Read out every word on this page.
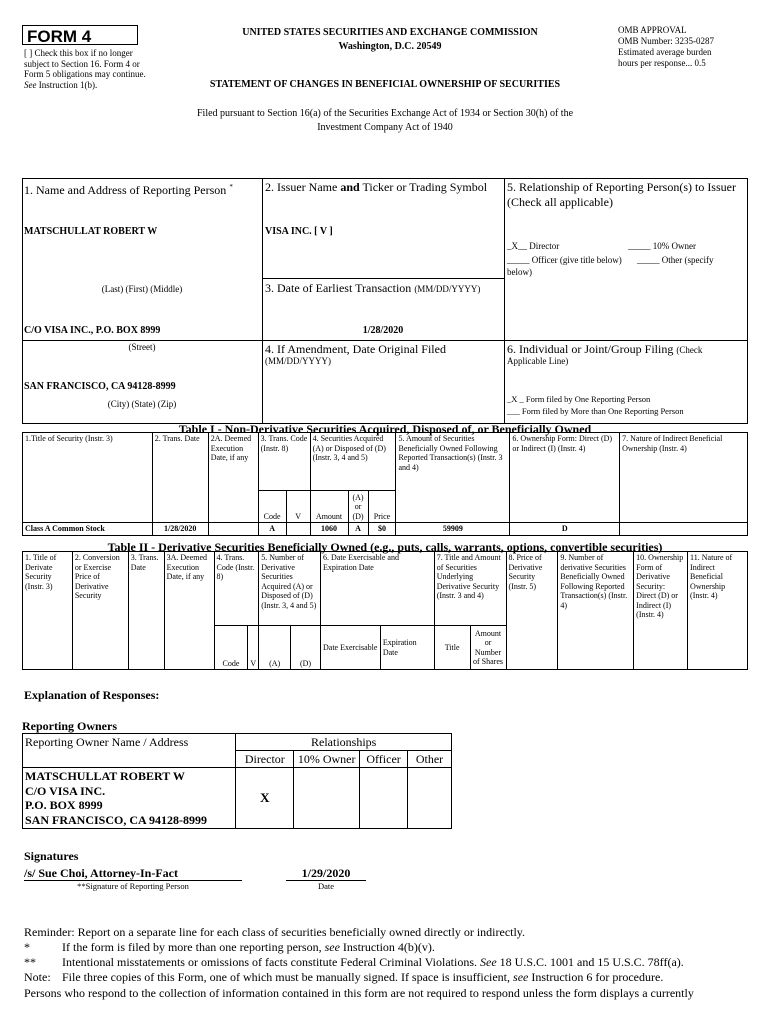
FORM 4
[ ] Check this box if no longer subject to Section 16. Form 4 or Form 5 obligations may continue. See Instruction 1(b).
UNITED STATES SECURITIES AND EXCHANGE COMMISSION
Washington, D.C. 20549
OMB APPROVAL
OMB Number: 3235-0287
Estimated average burden
hours per response... 0.5
STATEMENT OF CHANGES IN BENEFICIAL OWNERSHIP OF SECURITIES
Filed pursuant to Section 16(a) of the Securities Exchange Act of 1934 or Section 30(h) of the
Investment Company Act of 1940
1. Name and Address of Reporting Person *
MATSCHULLAT ROBERT W
(Last) (First) (Middle)
C/O VISA INC., P.O. BOX 8999
(Street)
SAN FRANCISCO, CA 94128-8999
(City) (State) (Zip)
2. Issuer Name and Ticker or Trading Symbol
VISA INC. [ V ]
3. Date of Earliest Transaction (MM/DD/YYYY)
1/28/2020
4. If Amendment, Date Original Filed
(MM/DD/YYYY)
5. Relationship of Reporting Person(s) to Issuer
(Check all applicable)
_X__ Director	_____ 10% Owner
_____ Officer (give title below) _____ Other (specify
below)
6. Individual or Joint/Group Filing (Check
Applicable Line)
_X _ Form filed by One Reporting Person
___ Form filed by More than One Reporting Person
Table I - Non-Derivative Securities Acquired, Disposed of, or Beneficially Owned
1.Title of Security (Instr. 3)	2. Trans. Date	2A. Deemed Execution Date, if any	3. Trans. Code (Instr. 8)		4. Securities Acquired (A) or Disposed of (D) (Instr. 3, 4 and 5)			5. Amount of Securities Beneficially Owned Following Reported Transaction(s) (Instr. 3 and 4)	6. Ownership Form: Direct (D) or Indirect (I) (Instr. 4)	7. Nature of Indirect Beneficial Ownership (Instr. 4)
			Code	V	Amount	(A) or (D)	Price			
Class A Common Stock	1/28/2020		A		1060	A	$0	59909	D	
Table II - Derivative Securities Beneficially Owned (e.g., puts, calls, warrants, options, convertible securities)
1. Title of Derivate Security (Instr. 3)	2. Conversion or Exercise Price of Derivative Security	3. Trans. Date	3A. Deemed Execution Date, if any	4. Trans. Code (Instr. 8)		5. Number of Derivative Securities Acquired (A) or Disposed of (D) (Instr. 3, 4 and 5)		6. Date Exercisable and Expiration Date		7. Title and Amount of Securities Underlying Derivative Security (Instr. 3 and 4)		8. Price of Derivative Security (Instr. 5)	9. Number of derivative Securities Beneficially Owned Following Reported Transaction(s) (Instr. 4)	10. Ownership Form of Derivative Security: Direct (D) or Indirect (I) (Instr. 4)	11. Nature of Indirect Beneficial Ownership (Instr. 4)
				Code	V	(A)	(D)	Date Exercisable	Expiration Date	Title	Amount or Number of Shares				
Explanation of Responses:
Reporting Owners
Reporting Owner Name / Address	Relationships			
	Director	10% Owner	Officer	Other

MATSCHULLAT ROBERT W
C/O VISA INC.
P.O. BOX 8999
SAN FRANCISCO, CA 94128-8999	X			
Signatures
/s/ Sue Choi, Attorney-In-Fact
**Signature of Reporting Person
1/29/2020
Date
Reminder: Report on a separate line for each class of securities beneficially owned directly or indirectly.
*	If the form is filed by more than one reporting person, see Instruction 4(b)(v).
** Intentional misstatements or omissions of facts constitute Federal Criminal Violations. See 18 U.S.C. 1001 and 15 U.S.C. 78ff(a).
Note: File three copies of this Form, one of which must be manually signed. If space is insufficient, see Instruction 6 for procedure.
Persons who respond to the collection of information contained in this form are not required to respond unless the form displays a currently
